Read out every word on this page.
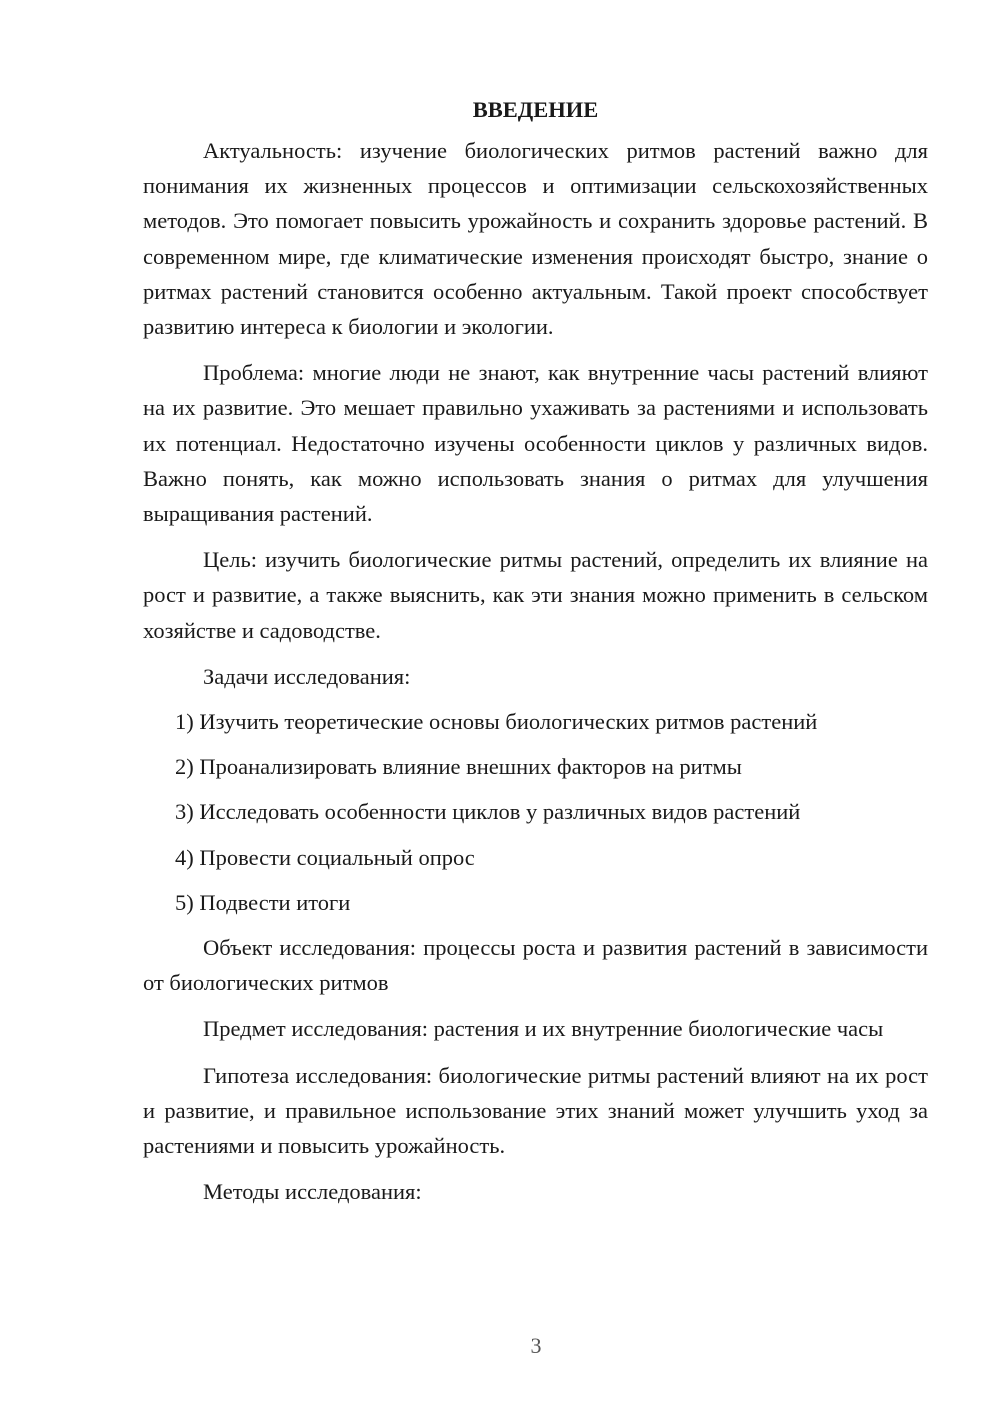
ВВЕДЕНИЕ

Актуальность: изучение биологических ритмов растений важно для понимания их жизненных процессов и оптимизации сельскохозяйственных методов. Это помогает повысить урожайность и сохранить здоровье растений. В современном мире, где климатические изменения происходят быстро, знание о ритмах растений становится особенно актуальным. Такой проект способствует развитию интереса к биологии и экологии.

Проблема: многие люди не знают, как внутренние часы растений влияют на их развитие. Это мешает правильно ухаживать за растениями и использовать их потенциал. Недостаточно изучены особенности циклов у различных видов. Важно понять, как можно использовать знания о ритмах для улучшения выращивания растений.

Цель: изучить биологические ритмы растений, определить их влияние на рост и развитие, а также выяснить, как эти знания можно применить в сельском хозяйстве и садоводстве.

Задачи исследования:

1) Изучить теоретические основы биологических ритмов растений
2) Проанализировать влияние внешних факторов на ритмы
3) Исследовать особенности циклов у различных видов растений
4) Провести социальный опрос
5) Подвести итоги

Объект исследования: процессы роста и развития растений в зависимости от биологических ритмов

Предмет исследования: растения и их внутренние биологические часы

Гипотеза исследования: биологические ритмы растений влияют на их рост и развитие, и правильное использование этих знаний может улучшить уход за растениями и повысить урожайность.

Методы исследования:

3
